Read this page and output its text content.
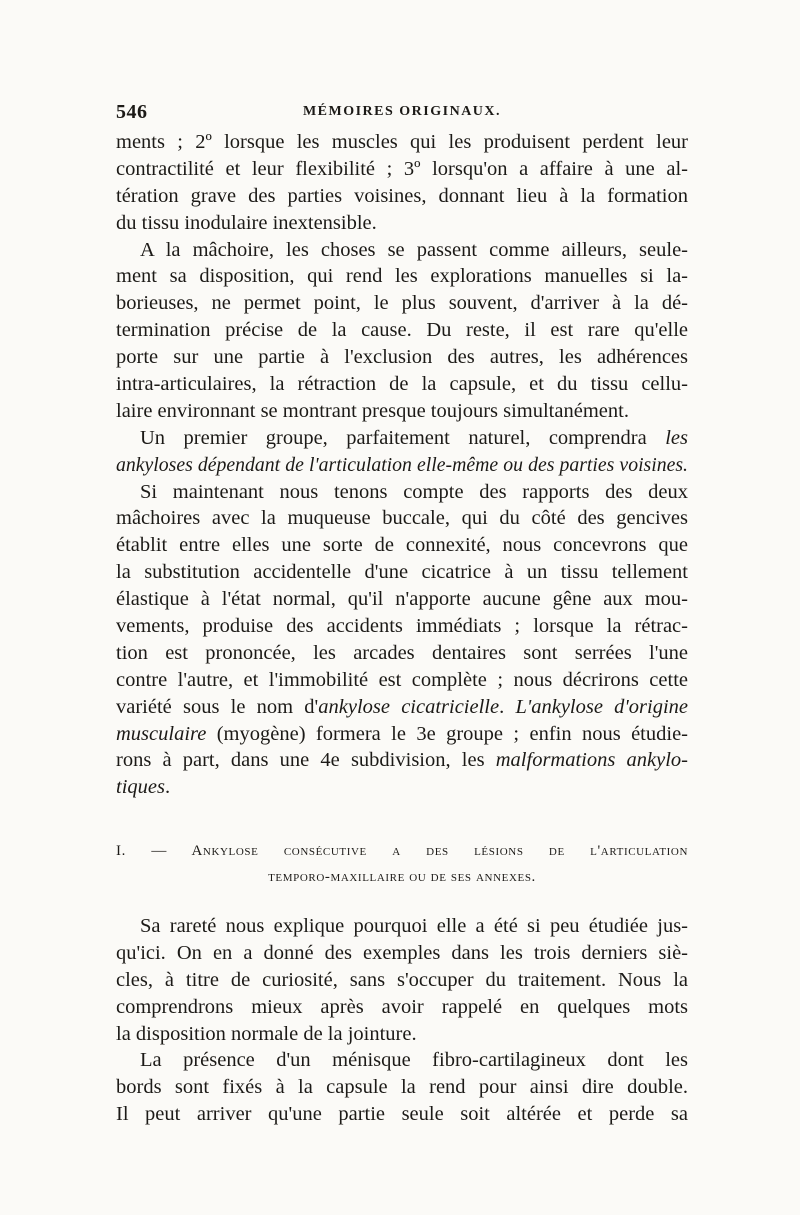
546	MÉMOIRES ORIGINAUX.
ments ; 2º lorsque les muscles qui les produisent perdent leur
contractilité et leur flexibilité ; 3º lorsqu'on a affaire à une al-
tération grave des parties voisines, donnant lieu à la formation
du tissu inodulaire inextensible.
A la mâchoire, les choses se passent comme ailleurs, seule-
ment sa disposition, qui rend les explorations manuelles si la-
borieuses, ne permet point, le plus souvent, d'arriver à la dé-
termination précise de la cause. Du reste, il est rare qu'elle
porte sur une partie à l'exclusion des autres, les adhérences
intra-articulaires, la rétraction de la capsule, et du tissu cellu-
laire environnant se montrant presque toujours simultanément.
Un premier groupe, parfaitement naturel, comprendra les
ankyloses dépendant de l'articulation elle-même ou des parties voisines.
Si maintenant nous tenons compte des rapports des deux
mâchoires avec la muqueuse buccale, qui du côté des gencives
établit entre elles une sorte de connexité, nous concevrons que
la substitution accidentelle d'une cicatrice à un tissu tellement
élastique à l'état normal, qu'il n'apporte aucune gêne aux mou-
vements, produise des accidents immédiats ; lorsque la rétrac-
tion est prononcée, les arcades dentaires sont serrées l'une
contre l'autre, et l'immobilité est complète ; nous décrirons cette
variété sous le nom d'ankylose cicatricielle. L'ankylose d'origine
musculaire (myogène) formera le 3e groupe ; enfin nous étudie-
rons à part, dans une 4e subdivision, les malformations ankylo-
tiques.
I. — Ankylose consécutive a des lésions de l'articulation
temporo-maxillaire ou de ses annexes.
Sa rareté nous explique pourquoi elle a été si peu étudiée jus-
qu'ici. On en a donné des exemples dans les trois derniers siè-
cles, à titre de curiosité, sans s'occuper du traitement. Nous la
comprendrons mieux après avoir rappelé en quelques mots
la disposition normale de la jointure.
La présence d'un ménisque fibro-cartilagineux dont les
bords sont fixés à la capsule la rend pour ainsi dire double.
Il peut arriver qu'une partie seule soit altérée et perde sa
